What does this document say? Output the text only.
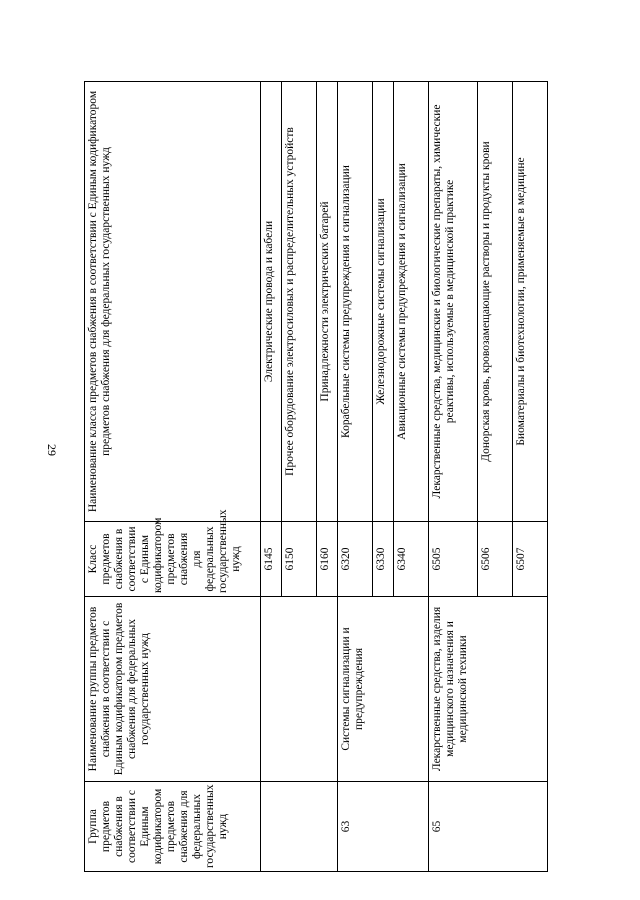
29
Группа предметов снабжения в соответствии с Единым кодификатором предметов снабжения для федеральных государственных нужд	Наименование группы предметов снабжения в соответствии с Единым кодификатором предметов снабжения для федеральных государственных нужд	Класс предметов снабжения в соответствии с Единым кодификатором предметов снабжения для федеральных государственных нужд	Наименование класса предметов снабжения в соответствии с Единым кодификатором предметов снабжения для федеральных государственных нужд
		6145	Электрические провода и кабели
		6150	Прочее оборудование электросиловых и распределительных устройств
		6160	Принадлежности электрических батарей
63	Системы сигнализации и предупреждения	6320	Корабельные системы предупреждения и сигнализации
		6330	Железнодорожные системы сигнализации
		6340	Авиационные системы предупреждения и сигнализации
65	Лекарственные средства, изделия медицинского назначения и медицинской техники	6505	Лекарственные средства, медицинские и биологические препараты, химические реактивы, используемые в медицинской практике
		6506	Донорская кровь, кровозамещающие растворы и продукты крови
		6507	Биоматериалы и биотехнологии, применяемые в медицине
